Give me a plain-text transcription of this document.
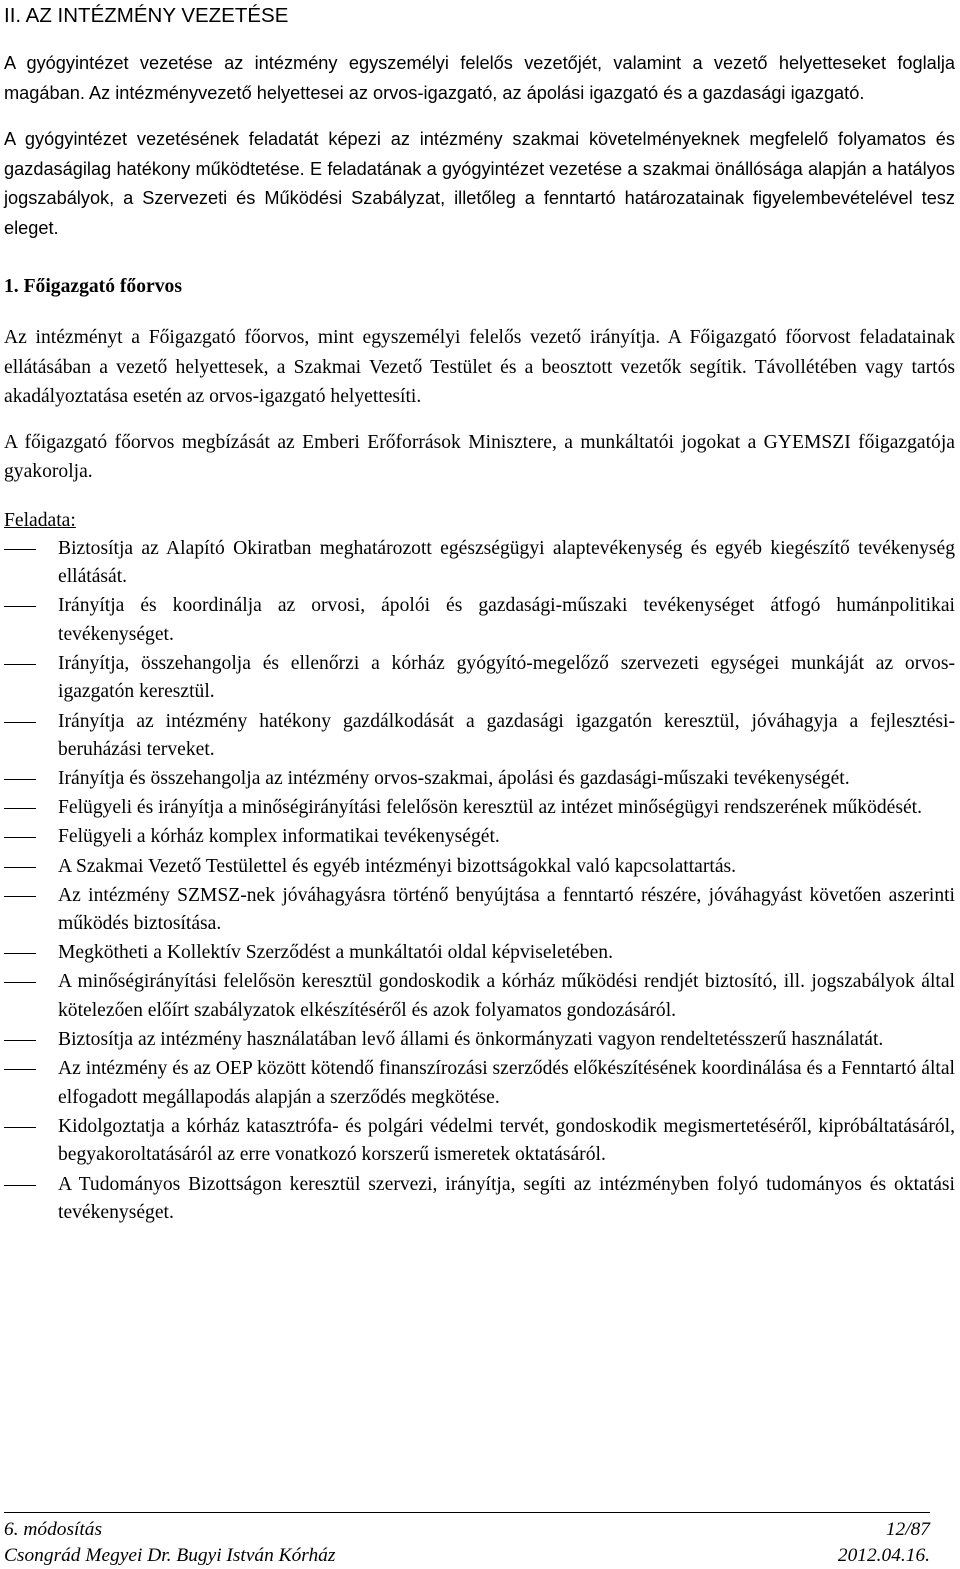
II. AZ INTÉZMÉNY VEZETÉSE

A gyógyintézet vezetése az intézmény egyszemélyi felelős vezetőjét, valamint a vezető helyetteseket foglalja magában. Az intézményvezető helyettesei az orvos-igazgató, az ápolási igazgató és a gazdasági igazgató.

A gyógyintézet vezetésének feladatát képezi az intézmény szakmai követelményeknek megfelelő folyamatos és gazdaságilag hatékony működtetése. E feladatának a gyógyintézet vezetése a szakmai önállósága alapján a hatályos jogszabályok, a Szervezeti és Működési Szabályzat, illetőleg a fenntartó határozatainak figyelembevételével tesz eleget.

1. Főigazgató főorvos

Az intézményt a Főigazgató főorvos, mint egyszemélyi felelős vezető irányítja. A Főigazgató főorvost feladatainak ellátásában a vezető helyettesek, a Szakmai Vezető Testület és a beosztott vezetők segítik. Távollétében vagy tartós akadályoztatása esetén az orvos-igazgató helyettesíti.

A főigazgató főorvos megbízását az Emberi Erőforrások Minisztere, a munkáltatói jogokat a GYEMSZI főigazgatója gyakorolja.

Feladata:
Biztosítja az Alapító Okiratban meghatározott egészségügyi alaptevékenység és egyéb kiegészítő tevékenység ellátását.
Irányítja és koordinálja az orvosi, ápolói és gazdasági-műszaki tevékenységet átfogó humánpolitikai tevékenységet.
Irányítja, összehangolja és ellenőrzi a kórház gyógyító-megelőző szervezeti egységei munkáját az orvos-igazgatón keresztül.
Irányítja az intézmény hatékony gazdálkodását a gazdasági igazgatón keresztül, jóváhagyja a fejlesztési-beruházási terveket.
Irányítja és összehangolja az intézmény orvos-szakmai, ápolási és gazdasági-műszaki tevékenységét.
Felügyeli és irányítja a minőségirányítási felelősön keresztül az intézet minőségügyi rendszerének működését.
Felügyeli a kórház komplex informatikai tevékenységét.
A Szakmai Vezető Testülettel és egyéb intézményi bizottságokkal való kapcsolattartás.
Az intézmény SZMSZ-nek jóváhagyásra történő benyújtása a fenntartó részére, jóváhagyást követően aszerinti működés biztosítása.
Megkötheti a Kollektív Szerződést a munkáltatói oldal képviseletében.
A minőségirányítási felelősön keresztül gondoskodik a kórház működési rendjét biztosító, ill. jogszabályok által kötelezően előírt szabályzatok elkészítéséről és azok folyamatos gondozásáról.
Biztosítja az intézmény használatában levő állami és önkormányzati vagyon rendeltetésszerű használatát.
Az intézmény és az OEP között kötendő finanszírozási szerződés előkészítésének koordinálása és a Fenntartó által elfogadott megállapodás alapján a szerződés megkötése.
Kidolgoztatja a kórház katasztrófa- és polgári védelmi tervét, gondoskodik megismertetéséről, kipróbáltatásáról, begyakoroltatásáról az erre vonatkozó korszerű ismeretek oktatásáról.
A Tudományos Bizottságon keresztül szervezi, irányítja, segíti az intézményben folyó tudományos és oktatási tevékenységet.
6. módosítás	12/87
Csongrád Megyei Dr. Bugyi István Kórház	2012.04.16.
